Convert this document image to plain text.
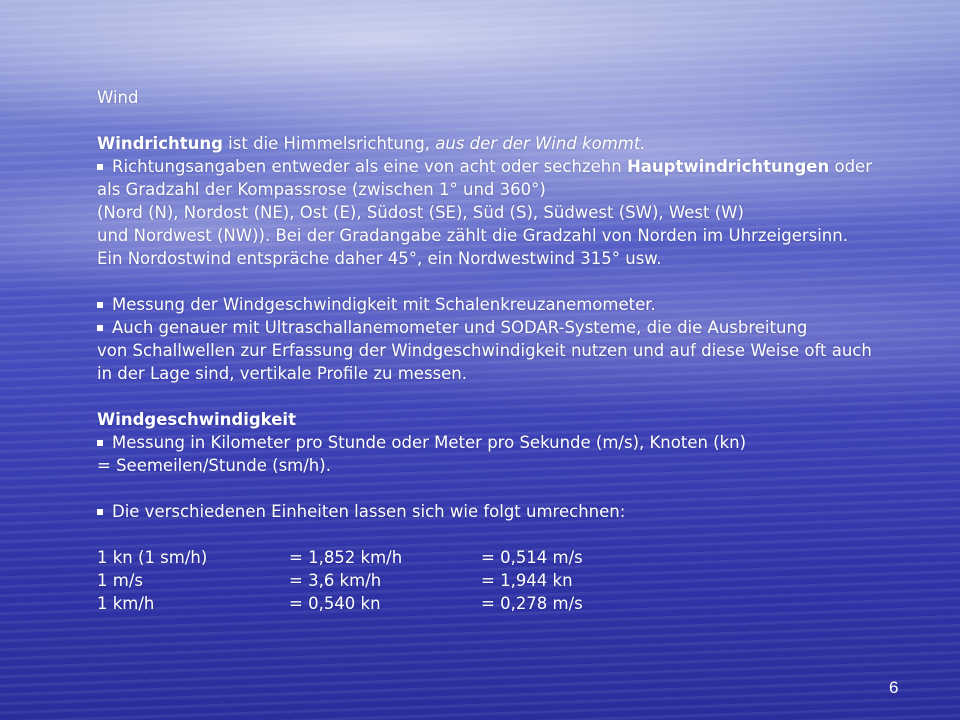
Wind
Windrichtung ist die Himmelsrichtung, aus der der Wind kommt.
Richtungsangaben entweder als eine von acht oder sechzehn Hauptwindrichtungen oder
als Gradzahl der Kompassrose (zwischen 1° und 360°)
(Nord (N), Nordost (NE), Ost (E), Südost (SE), Süd (S), Südwest (SW), West (W)
und Nordwest (NW)). Bei der Gradangabe zählt die Gradzahl von Norden im Uhrzeigersinn.
Ein Nordostwind entspräche daher 45°, ein Nordwestwind 315° usw.
Messung der Windgeschwindigkeit mit Schalenkreuzanemometer.
Auch genauer mit Ultraschallanemometer und SODAR-Systeme, die die Ausbreitung
von Schallwellen zur Erfassung der Windgeschwindigkeit nutzen und auf diese Weise oft auch
in der Lage sind, vertikale Profile zu messen.
Windgeschwindigkeit
Messung in Kilometer pro Stunde oder Meter pro Sekunde (m/s), Knoten (kn)
= Seemeilen/Stunde (sm/h).
Die verschiedenen Einheiten lassen sich wie folgt umrechnen:
1 kn (1 sm/h)	= 1,852 km/h	= 0,514 m/s
1 m/s	= 3,6 km/h	= 1,944 kn
1 km/h	= 0,540 kn	= 0,278 m/s
6
